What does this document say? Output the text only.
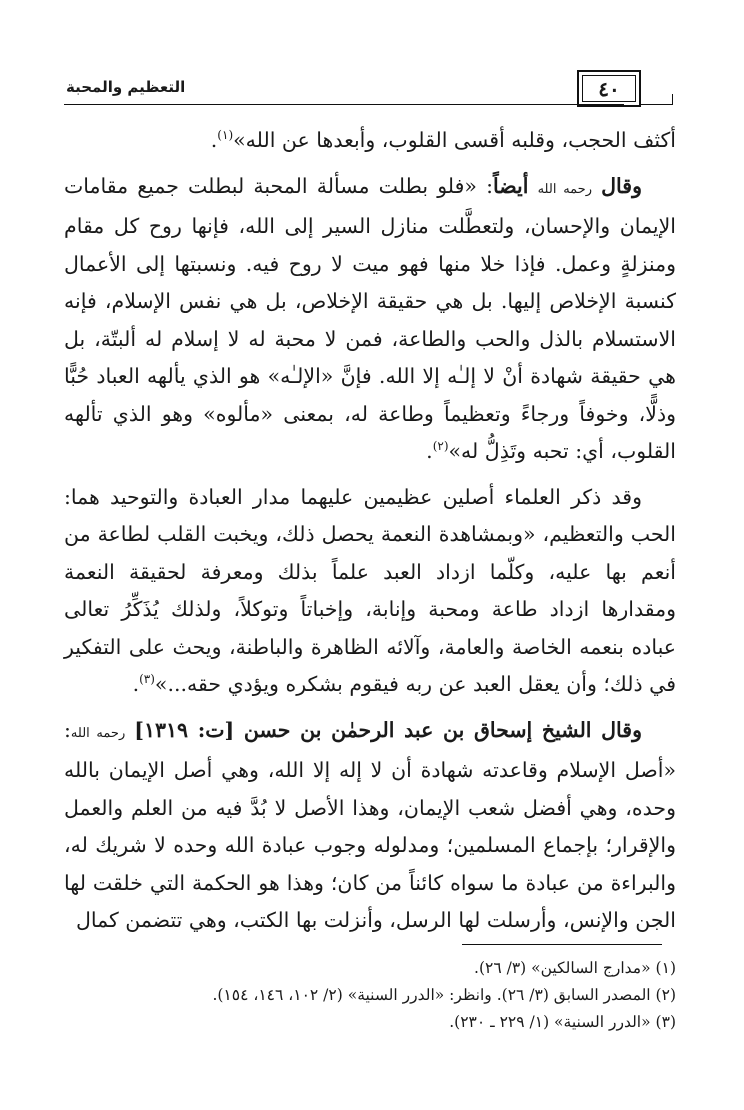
التعظيم والمحبة	٤٠

أكثف الحجب، وقلبه أقسى القلوب، وأبعدها عن الله»$^{(١)}$.

وقال رحمه الله أيضاً: «فلو بطلت مسألة المحبة لبطلت جميع مقامات الإيمان والإحسان، ولتعطَّلت منازل السير إلى الله، فإنها روح كل مقام ومنزلةٍ وعمل. فإذا خلا منها فهو ميت لا روح فيه. ونسبتها إلى الأعمال كنسبة الإخلاص إليها. بل هي حقيقة الإخلاص، بل هي نفس الإسلام، فإنه الاستسلام بالذل والحب والطاعة، فمن لا محبة له لا إسلام له ألبتّة، بل هي حقيقة شهادة أنْ لا إلـٰه إلا الله. فإنَّ «الإلـٰه» هو الذي يألهه العباد حُبًّا وذلًّا، وخوفاً ورجاءً وتعظيماً وطاعة له، بمعنى «مألوه» وهو الذي تألهه القلوب، أي: تحبه وتَذِلُّ له»$^{(٢)}$.

وقد ذكر العلماء أصلين عظيمين عليهما مدار العبادة والتوحيد هما: الحب والتعظيم، «وبمشاهدة النعمة يحصل ذلك، ويخبت القلب لطاعة من أنعم بها عليه، وكلّما ازداد العبد علماً بذلك ومعرفة لحقيقة النعمة ومقدارها ازداد طاعة ومحبة وإنابة، وإخباتاً وتوكلاً، ولذلك يُذَكِّرُ تعالى عباده بنعمه الخاصة والعامة، وآلائه الظاهرة والباطنة، ويحث على التفكير في ذلك؛ وأن يعقل العبد عن ربه فيقوم بشكره ويؤدي حقه...»$^{(٣)}$.

وقال الشيخ إسحاق بن عبد الرحمٰن بن حسن [ت: ١٣١٩] رحمه الله: «أصل الإسلام وقاعدته شهادة أن لا إله إلا الله، وهي أصل الإيمان بالله وحده، وهي أفضل شعب الإيمان، وهذا الأصل لا بُدَّ فيه من العلم والعمل والإقرار؛ بإجماع المسلمين؛ ومدلوله وجوب عبادة الله وحده لا شريك له، والبراءة من عبادة ما سواه كائناً من كان؛ وهذا هو الحكمة التي خلقت لها الجن والإنس، وأرسلت لها الرسل، وأنزلت بها الكتب، وهي تتضمن كمال

(١) «مدارج السالكين» (٣/ ٢٦).

(٢) المصدر السابق (٣/ ٢٦). وانظر: «الدرر السنية» (٢/ ١٠٢، ١٤٦، ١٥٤).

(٣) «الدرر السنية» (١/ ٢٢٩ ـ ٢٣٠).
